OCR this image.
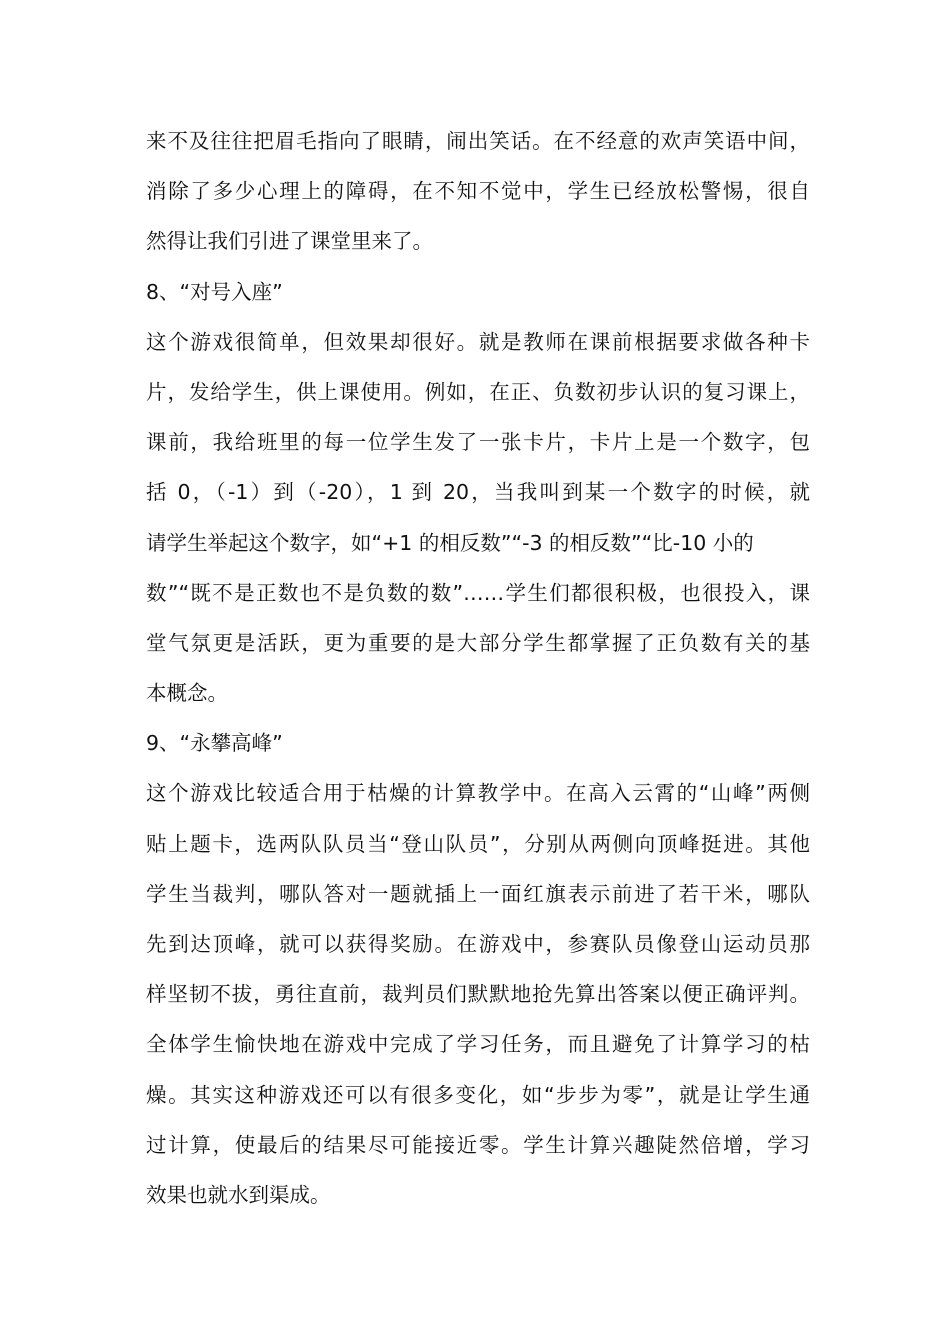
来不及往往把眉毛指向了眼睛，闹出笑话。在不经意的欢声笑语中间，
消除了多少心理上的障碍，在不知不觉中，学生已经放松警惕，很自
然得让我们引进了课堂里来了。
8、“对号入座”
这个游戏很简单，但效果却很好。就是教师在课前根据要求做各种卡
片，发给学生，供上课使用。例如，在正、负数初步认识的复习课上，
课前，我给班里的每一位学生发了一张卡片，卡片上是一个数字，包
括 0，（-1）到（-20），1 到 20，当我叫到某一个数字的时候，就
请学生举起这个数字，如“+1 的相反数”“-3 的相反数”“比-10 小的
数”“既不是正数也不是负数的数”……学生们都很积极，也很投入，课
堂气氛更是活跃，更为重要的是大部分学生都掌握了正负数有关的基
本概念。
9、“永攀高峰”
这个游戏比较适合用于枯燥的计算教学中。在高入云霄的“山峰”两侧
贴上题卡，选两队队员当“登山队员”，分别从两侧向顶峰挺进。其他
学生当裁判，哪队答对一题就插上一面红旗表示前进了若干米，哪队
先到达顶峰，就可以获得奖励。在游戏中，参赛队员像登山运动员那
样坚韧不拔，勇往直前，裁判员们默默地抢先算出答案以便正确评判。
全体学生愉快地在游戏中完成了学习任务，而且避免了计算学习的枯
燥。其实这种游戏还可以有很多变化，如“步步为零”，就是让学生通
过计算，使最后的结果尽可能接近零。学生计算兴趣陡然倍增，学习
效果也就水到渠成。
